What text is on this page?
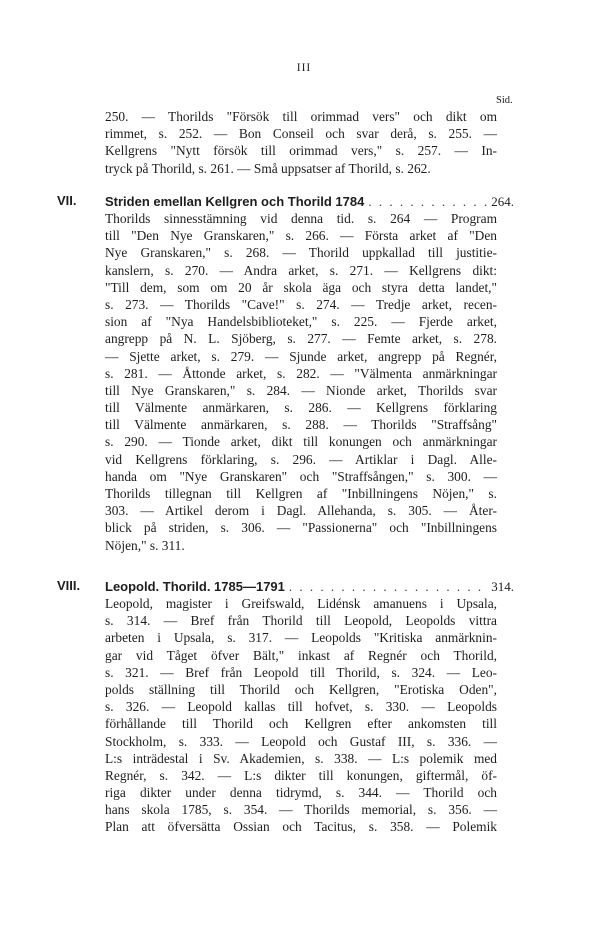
III
Sid.
250. — Thorilds "Försök till orimmad vers" och dikt om
rimmet, s. 252. — Bon Conseil och svar derå, s. 255. —
Kellgrens "Nytt försök till orimmad vers," s. 257. — In-
tryck på Thorild, s. 261. — Små uppsatser af Thorild, s. 262.
VII.	Striden emellan Kellgren och Thorild 1784 . . .	264.
Thorilds sinnesstämning vid denna tid. s. 264 — Program
till "Den Nye Granskaren," s. 266. — Första arket af "Den
Nye Granskaren," s. 268. — Thorild uppkallad till justitie-
kanslern, s. 270. — Andra arket, s. 271. — Kellgrens dikt:
"Till dem, som om 20 år skola äga och styra detta landet,"
s. 273. — Thorilds "Cave!" s. 274. — Tredje arket, recen-
sion af "Nya Handelsbiblioteket," s. 225. — Fjerde arket,
angrepp på N. L. Sjöberg, s. 277. — Femte arket, s. 278.
— Sjette arket, s. 279. — Sjunde arket, angrepp på Regnér,
s. 281. — Åttonde arket, s. 282. — "Välmenta anmärkningar
till Nye Granskaren," s. 284. — Nionde arket, Thorilds svar
till Välmente anmärkaren, s. 286. — Kellgrens förklaring
till Välmente anmärkaren, s. 288. — Thorilds "Straffsång"
s. 290. — Tionde arket, dikt till konungen och anmärkningar
vid Kellgrens förklaring, s. 296. — Artiklar i Dagl. Alle-
handa om "Nye Granskaren" och "Straffsången," s. 300. —
Thorilds tillegnan till Kellgren af "Inbillningens Nöjen," s.
303. — Artikel derom i Dagl. Allehanda, s. 305. — Åter-
blick på striden, s. 306. — "Passionerna" och "Inbillningens
Nöjen," s. 311.
VIII.	Leopold. Thorild. 1785—1791 . . .	314.
Leopold, magister i Greifswald, Lidénsk amanuens i Upsala,
s. 314. — Bref från Thorild till Leopold, Leopolds vittra
arbeten i Upsala, s. 317. — Leopolds "Kritiska anmärknin-
gar vid Tåget öfver Bält," inkast af Regnér och Thorild,
s. 321. — Bref från Leopold till Thorild, s. 324. — Leo-
polds ställning till Thorild och Kellgren, "Erotiska Oden",
s. 326. — Leopold kallas till hofvet, s. 330. — Leopolds
förhållande till Thorild och Kellgren efter ankomsten till
Stockholm, s. 333. — Leopold och Gustaf III, s. 336. —
L:s inträdestal i Sv. Akademien, s. 338. — L:s polemik med
Regnér, s. 342. — L:s dikter till konungen, giftermål, öf-
riga dikter under denna tidrymd, s. 344. — Thorild och
hans skola 1785, s. 354. — Thorilds memorial, s. 356. —
Plan att öfversätta Ossian och Tacitus, s. 358. — Polemik
